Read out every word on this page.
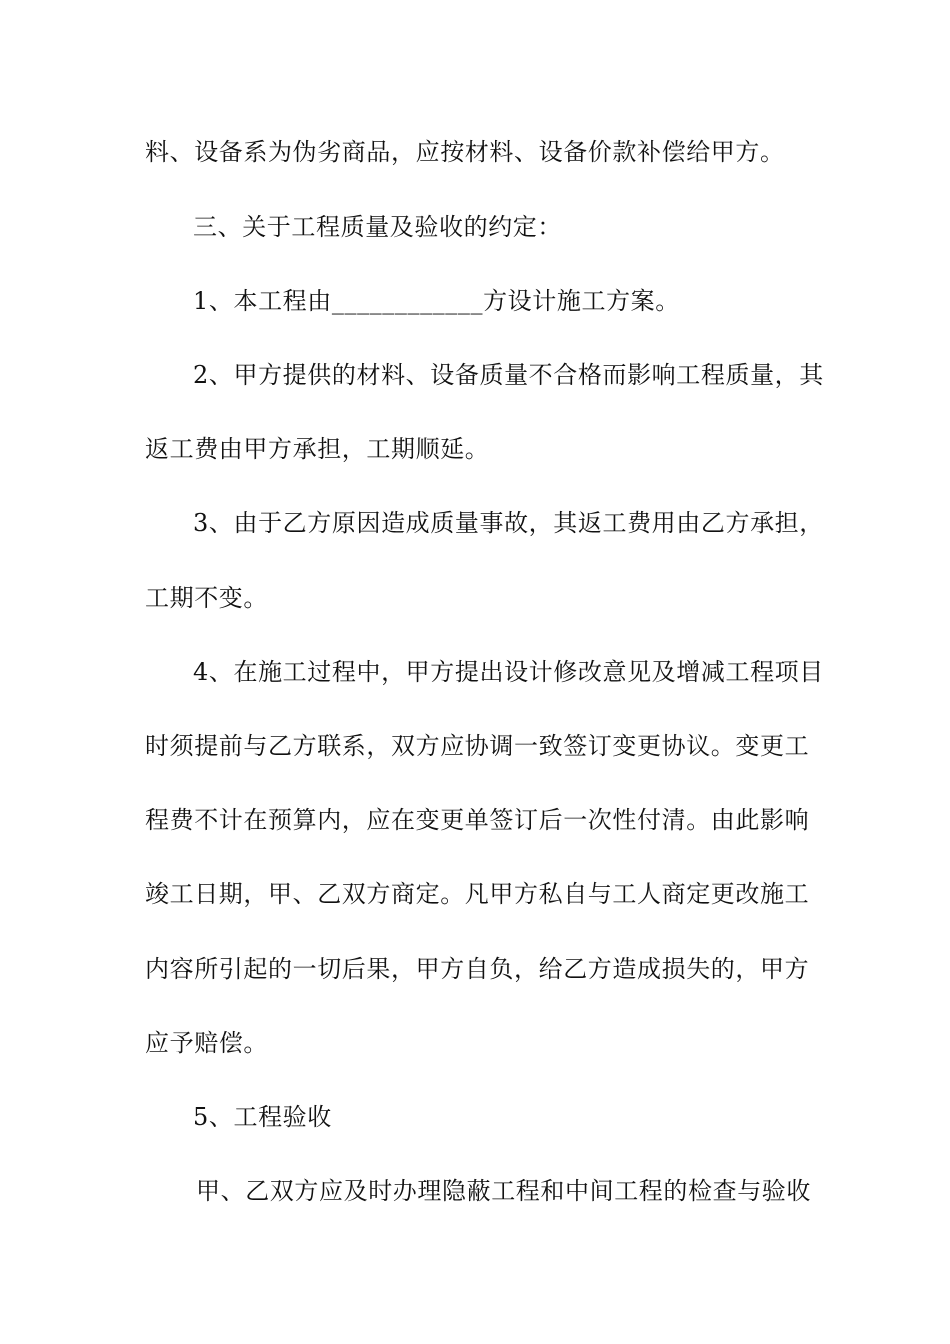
料、设备系为伪劣商品，应按材料、设备价款补偿给甲方。
三、关于工程质量及验收的约定：
1、本工程由____________方设计施工方案。
2、甲方提供的材料、设备质量不合格而影响工程质量，其
返工费由甲方承担，工期顺延。
3、由于乙方原因造成质量事故，其返工费用由乙方承担，
工期不变。
4、在施工过程中，甲方提出设计修改意见及增减工程项目
时须提前与乙方联系，双方应协调一致签订变更协议。变更工
程费不计在预算内，应在变更单签订后一次性付清。由此影响
竣工日期，甲、乙双方商定。凡甲方私自与工人商定更改施工
内容所引起的一切后果，甲方自负，给乙方造成损失的，甲方
应予赔偿。
5、工程验收
甲、乙双方应及时办理隐蔽工程和中间工程的检查与验收
